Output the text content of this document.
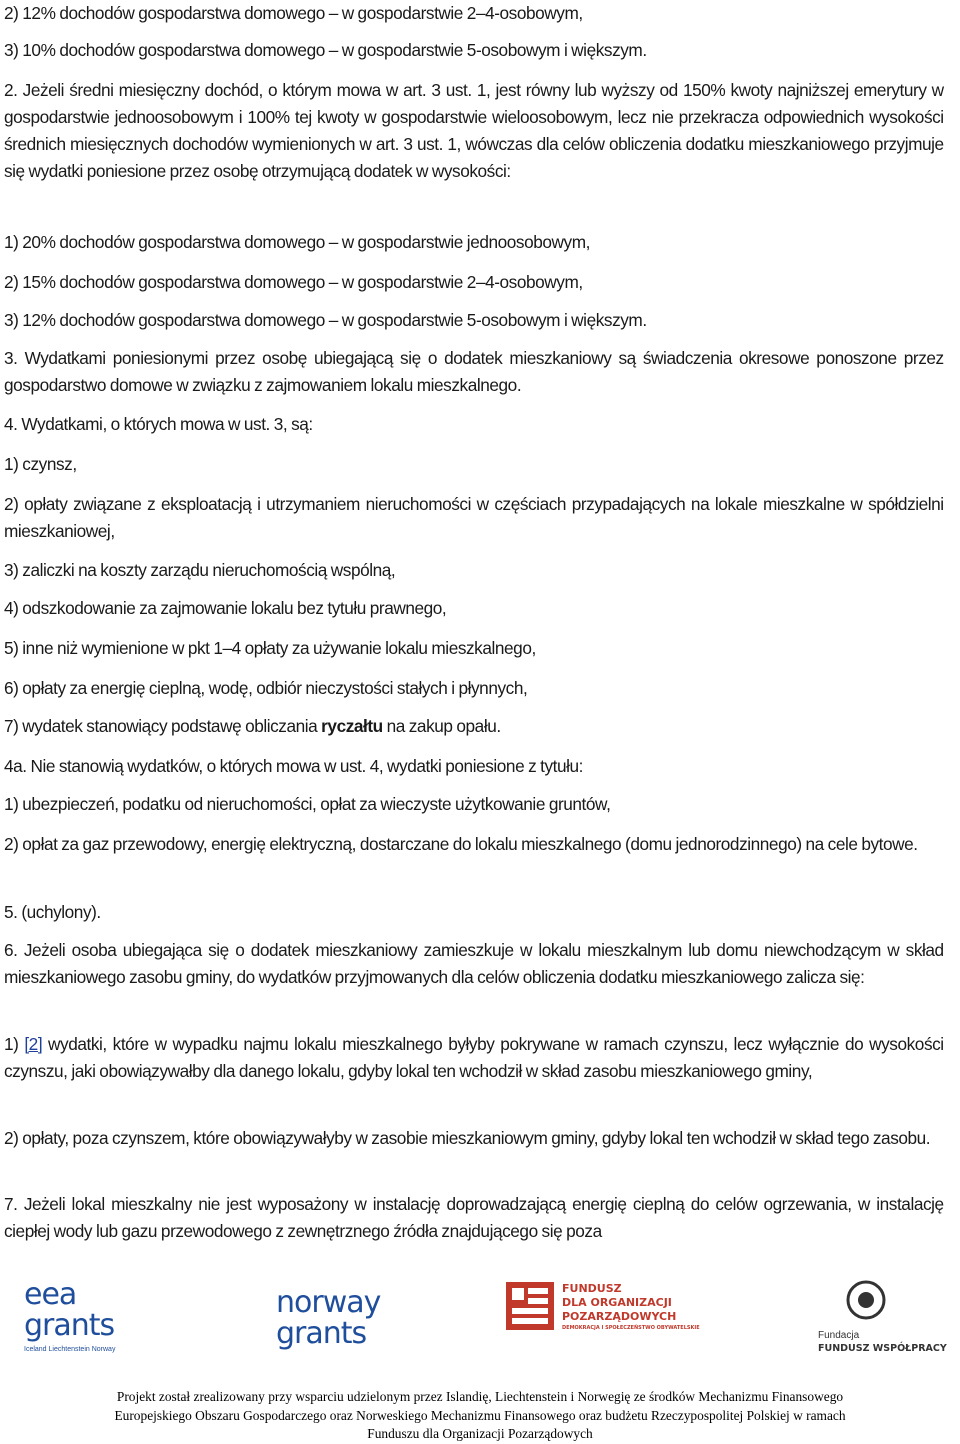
2) 12% dochodów gospodarstwa domowego – w gospodarstwie 2–4-osobowym,

3) 10% dochodów gospodarstwa domowego – w gospodarstwie 5-osobowym i większym.

2. Jeżeli średni miesięczny dochód, o którym mowa w art. 3 ust. 1, jest równy lub wyższy od 150% kwoty najniższej emerytury w gospodarstwie jednoosobowym i 100% tej kwoty w gospodarstwie wieloosobowym, lecz nie przekracza odpowiednich wysokości średnich miesięcznych dochodów wymienionych w art. 3 ust. 1, wówczas dla celów obliczenia dodatku mieszkaniowego przyjmuje się wydatki poniesione przez osobę otrzymującą dodatek w wysokości:

1) 20% dochodów gospodarstwa domowego – w gospodarstwie jednoosobowym,

2) 15% dochodów gospodarstwa domowego – w gospodarstwie 2–4-osobowym,

3) 12% dochodów gospodarstwa domowego – w gospodarstwie 5-osobowym i większym.

3. Wydatkami poniesionymi przez osobę ubiegającą się o dodatek mieszkaniowy są świadczenia okresowe ponoszone przez gospodarstwo domowe w związku z zajmowaniem lokalu mieszkalnego.

4. Wydatkami, o których mowa w ust. 3, są:

1) czynsz,

2) opłaty związane z eksploatacją i utrzymaniem nieruchomości w częściach przypadających na lokale mieszkalne w spółdzielni mieszkaniowej,

3) zaliczki na koszty zarządu nieruchomością wspólną,

4) odszkodowanie za zajmowanie lokalu bez tytułu prawnego,

5) inne niż wymienione w pkt 1–4 opłaty za używanie lokalu mieszkalnego,

6) opłaty za energię cieplną, wodę, odbiór nieczystości stałych i płynnych,

7) wydatek stanowiący podstawę obliczania ryczałtu na zakup opału.

4a. Nie stanowią wydatków, o których mowa w ust. 4, wydatki poniesione z tytułu:

1) ubezpieczeń, podatku od nieruchomości, opłat za wieczyste użytkowanie gruntów,

2) opłat za gaz przewodowy, energię elektryczną, dostarczane do lokalu mieszkalnego (domu jednorodzinnego) na cele bytowe.

5. (uchylony).

6. Jeżeli osoba ubiegająca się o dodatek mieszkaniowy zamieszkuje w lokalu mieszkalnym lub domu niewchodzącym w skład mieszkaniowego zasobu gminy, do wydatków przyjmowanych dla celów obliczenia dodatku mieszkaniowego zalicza się:

1) [2] wydatki, które w wypadku najmu lokalu mieszkalnego byłyby pokrywane w ramach czynszu, lecz wyłącznie do wysokości czynszu, jaki obowiązywałby dla danego lokalu, gdyby lokal ten wchodził w skład zasobu mieszkaniowego gminy,

2) opłaty, poza czynszem, które obowiązywałyby w zasobie mieszkaniowym gminy, gdyby lokal ten wchodził w skład tego zasobu.

7. Jeżeli lokal mieszkalny nie jest wyposażony w instalację doprowadzającą energię cieplną do celów ogrzewania, w instalację ciepłej wody lub gazu przewodowego z zewnętrznego źródła znajdującego się poza

eea
grants
Iceland Liechtenstein Norway
norway
grants
FUNDUSZ
DLA ORGANIZACJI
POZARZĄDOWYCH
DEMOKRACJA I SPOŁECZEŃSTWO OBYWATELSKIE
Fundacja
FUNDUSZ WSPÓŁPRACY
Projekt został zrealizowany przy wsparciu udzielonym przez Islandię, Liechtenstein i Norwegię ze środków Mechanizmu Finansowego
Europejskiego Obszaru Gospodarczego oraz Norweskiego Mechanizmu Finansowego oraz budżetu Rzeczypospolitej Polskiej w ramach
Funduszu dla Organizacji Pozarządowych
